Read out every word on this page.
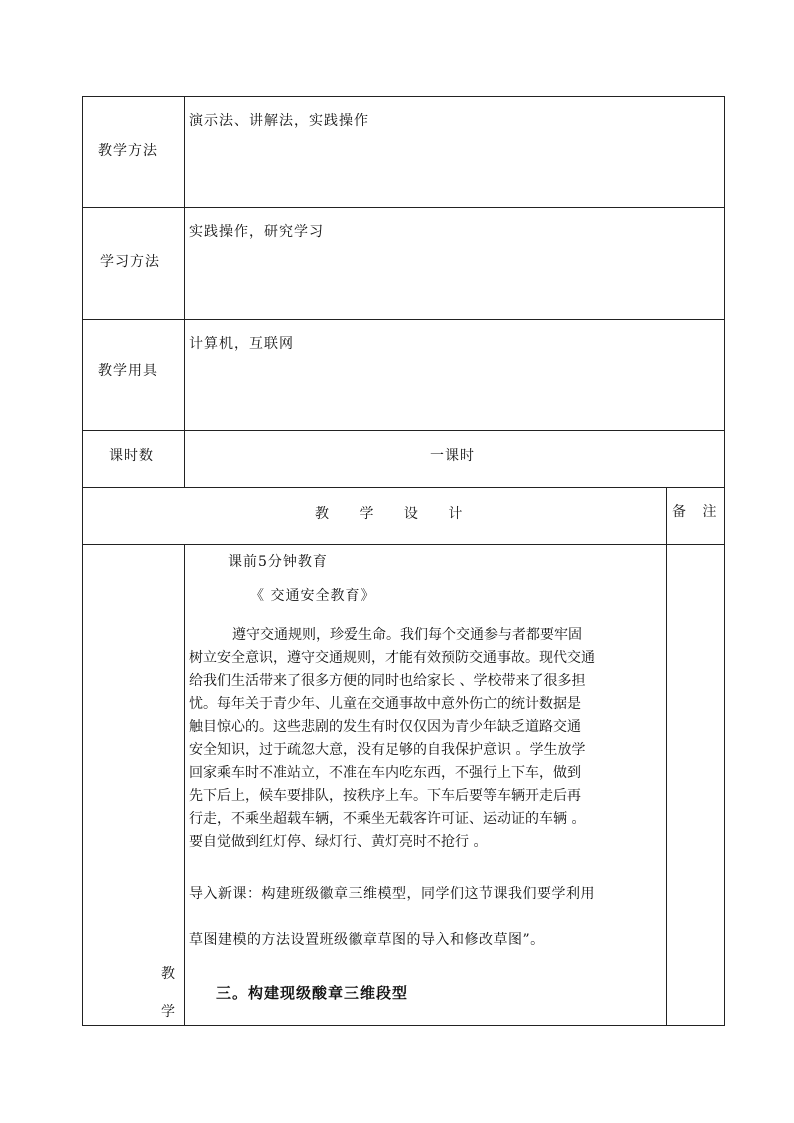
教学方法
演示法、讲解法，实践操作
学习方法
实践操作，研究学习
教学用具
计算机，互联网
课时数	一课时
教 学 设 计	备 注
教
学
课前5分钟教育
《 交通安全教育》
遵守交通规则，珍爱生命。我们每个交通参与者都要牢固
树立安全意识，遵守交通规则，才能有效预防交通事故。现代交通
给我们生活带来了很多方便的同时也给家长 、学校带来了很多担
忧。每年关于青少年、儿童在交通事故中意外伤亡的统计数据是
触目惊心的。这些悲剧的发生有时仅仅因为青少年缺乏道路交通
安全知识，过于疏忽大意，没有足够的自我保护意识 。学生放学
回家乘车时不准站立，不准在车内吃东西，不强行上下车，做到
先下后上，候车要排队，按秩序上车。下车后要等车辆开走后再
行走，不乘坐超载车辆，不乘坐无载客许可证、运动证的车辆 。
要自觉做到红灯停、绿灯行、黄灯亮时不抢行 。
导入新课：构建班级徽章三维模型，同学们这节课我们要学利用
草图建模的方法设置班级徽章草图的导入和修改草图”。
三。构建现级酸章三维段型
